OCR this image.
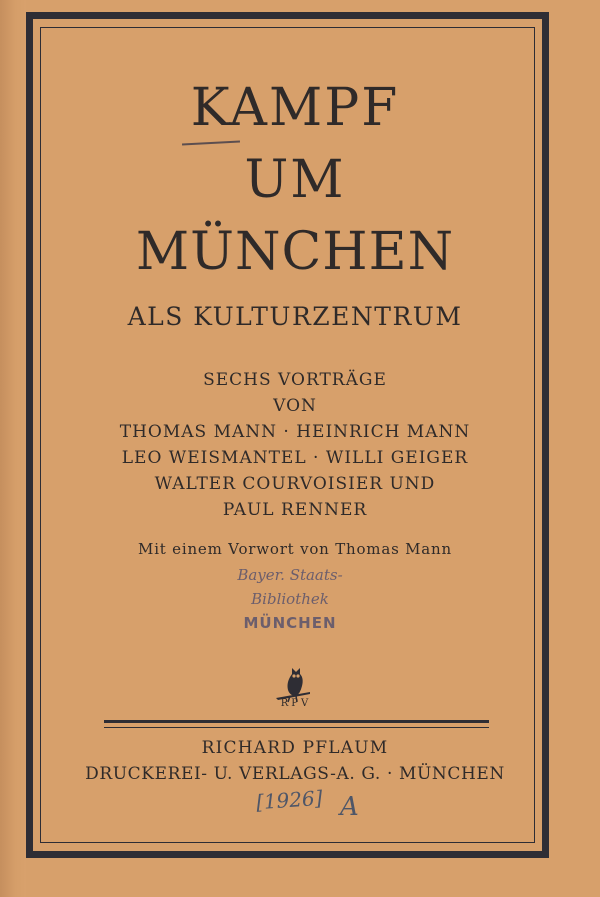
KAMPF
UM
MÜNCHEN
ALS KULTURZENTRUM
SECHS VORTRÄGE
VON
THOMAS MANN · HEINRICH MANN
LEO WEISMANTEL · WILLI GEIGER
WALTER COURVOISIER UND
PAUL RENNER
Mit einem Vorwort von Thomas Mann
Bayer. Staats-
Bibliothek
MÜNCHEN
RPV
RICHARD PFLAUM
DRUCKEREI- U. VERLAGS-A. G. · MÜNCHEN
[1926] A
